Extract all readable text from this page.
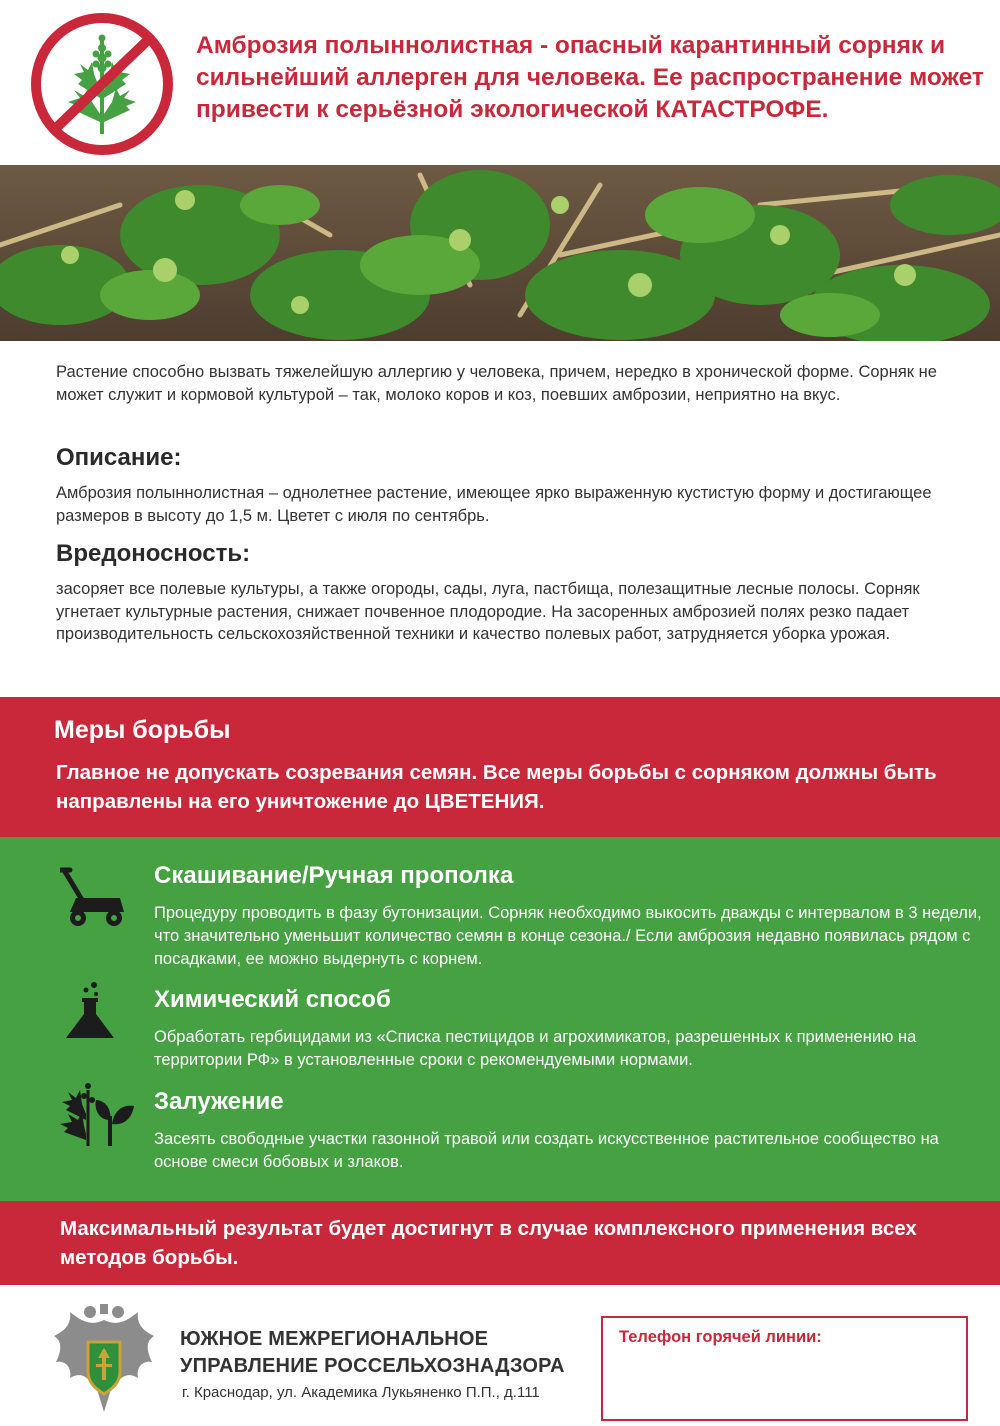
Амброзия полыннолистная - опасный карантинный сорняк и сильнейший аллерген для человека. Ее распространение может привести к серьёзной экологической КАТАСТРОФЕ.
Растение способно вызвать тяжелейшую аллергию у человека, причем, нередко в хронической форме. Сорняк не может служит и кормовой культурой – так, молоко коров и коз, поевших амброзии, неприятно на вкус.
Описание:
Амброзия полыннолистная – однолетнее растение, имеющее ярко выраженную кустистую форму и достигающее размеров в высоту до 1,5 м. Цветет с июля по сентябрь.
Вредоносность:
засоряет все полевые культуры, а также огороды, сады, луга, пастбища, полезащитные лесные полосы. Сорняк угнетает культурные растения, снижает почвенное плодородие. На засоренных амброзией полях резко падает производительность сельскохозяйственной техники и качество полевых работ, затрудняется уборка урожая.
Меры борьбы
Главное не допускать созревания семян. Все меры борьбы с сорняком должны быть направлены на его уничтожение до ЦВЕТЕНИЯ.
Скашивание/Ручная прополка
Процедуру проводить в фазу бутонизации. Сорняк необходимо выкосить дважды с интервалом в 3 недели, что значительно уменьшит количество семян в конце сезона./ Если амброзия недавно появилась рядом с посадками, ее можно выдернуть с корнем.
Химический способ
Обработать гербицидами из «Списка пестицидов и агрохимикатов, разрешенных к применению на территории РФ» в установленные сроки с рекомендуемыми нормами.
Залужение
Засеять свободные участки газонной травой или создать искусственное растительное сообщество на основе смеси бобовых и злаков.
Максимальный результат будет достигнут в случае комплексного применения всех методов борьбы.
ЮЖНОЕ МЕЖРЕГИОНАЛЬНОЕ
УПРАВЛЕНИЕ РОССЕЛЬХОЗНАДЗОРА
г. Краснодар, ул. Академика Лукьяненко П.П., д.111
Телефон горячей линии:
